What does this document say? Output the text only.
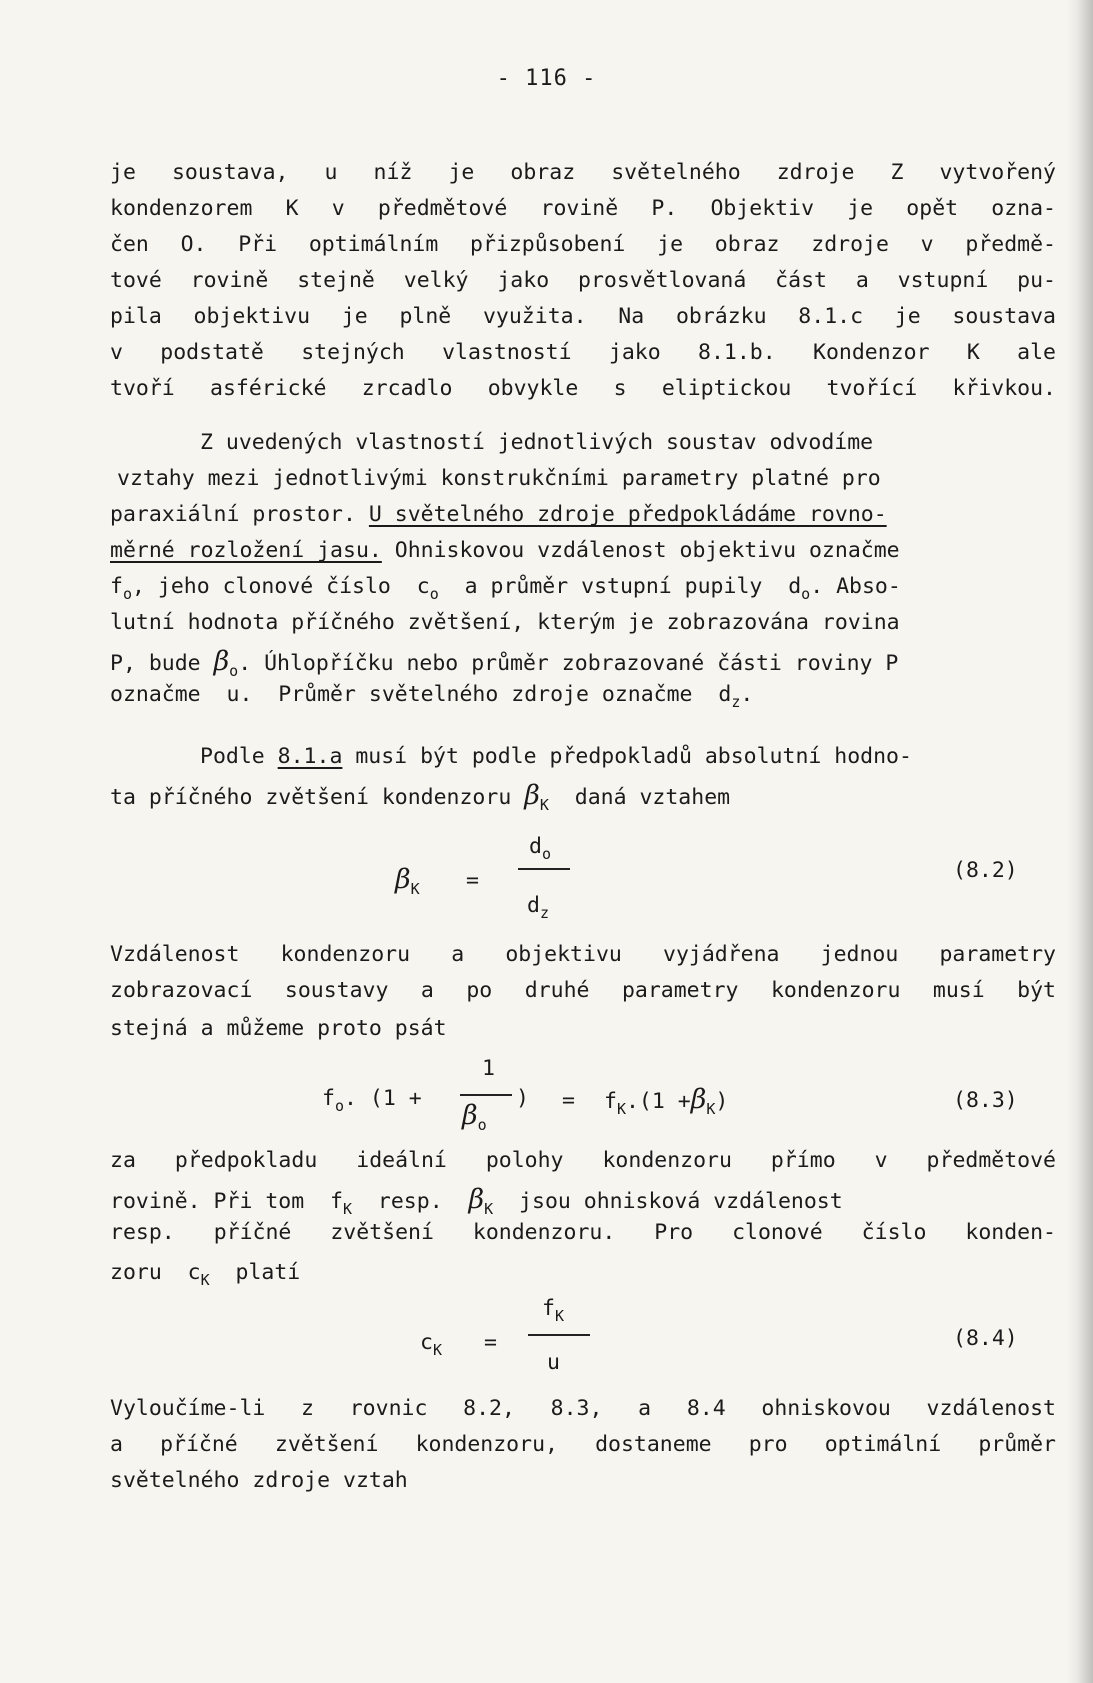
- 116 -
je soustava, u níž je obraz světelného zdroje Z vytvořený
kondenzorem K v předmětové rovině P. Objektiv je opět ozna-
čen O. Při optimálním přizpůsobení je obraz zdroje v předmě-
tové rovině stejně velký jako prosvětlovaná část a vstupní pu-
pila objektivu je plně využita. Na obrázku 8.1.c je soustava
v podstatě stejných vlastností jako 8.1.b. Kondenzor K ale
tvoří asférické zrcadlo obvykle s eliptickou tvořící křivkou.
Z uvedených vlastností jednotlivých soustav odvodíme
vztahy mezi jednotlivými konstrukčními parametry platné pro
paraxiální prostor. U světelného zdroje předpokládáme rovno-
měrné rozložení jasu. Ohniskovou vzdálenost objektivu označme
$f_o$, jeho clonové číslo  $c_o$  a průměr vstupní pupily  $d_o$. Abso-
lutní hodnota příčného zvětšení, kterým je zobrazována rovina
P, bude $\beta_o$. Úhlopříčku nebo průměr zobrazované části roviny P
označme  u.  Průměr světelného zdroje označme  $d_z$.
Podle 8.1.a musí být podle předpokladů absolutní hodno-
ta příčného zvětšení kondenzoru $\beta_K$  daná vztahem
$\beta_K$ =
$d_o$
$d_z$
(8.2)
Vzdálenost kondenzoru a objektivu vyjádřena jednou parametry
zobrazovací soustavy a po druhé parametry kondenzoru musí být
stejná a můžeme proto psát
$f_o$. (1 +
1
$\beta_o$
) = $f_K.(1 +\beta_K)$	(8.3)
za předpokladu ideální polohy kondenzoru přímo v předmětové
rovině. Při tom  $f_K$  resp.  $\beta_K$  jsou ohnisková vzdálenost
resp. příčné zvětšení kondenzoru. Pro clonové číslo konden-
zoru  $c_K$  platí
$c_K$ =
$f_K$
u
(8.4)
Vyloučíme-li z rovnic 8.2, 8.3, a 8.4 ohniskovou vzdálenost
a příčné zvětšení kondenzoru, dostaneme pro optimální průměr
světelného zdroje vztah
